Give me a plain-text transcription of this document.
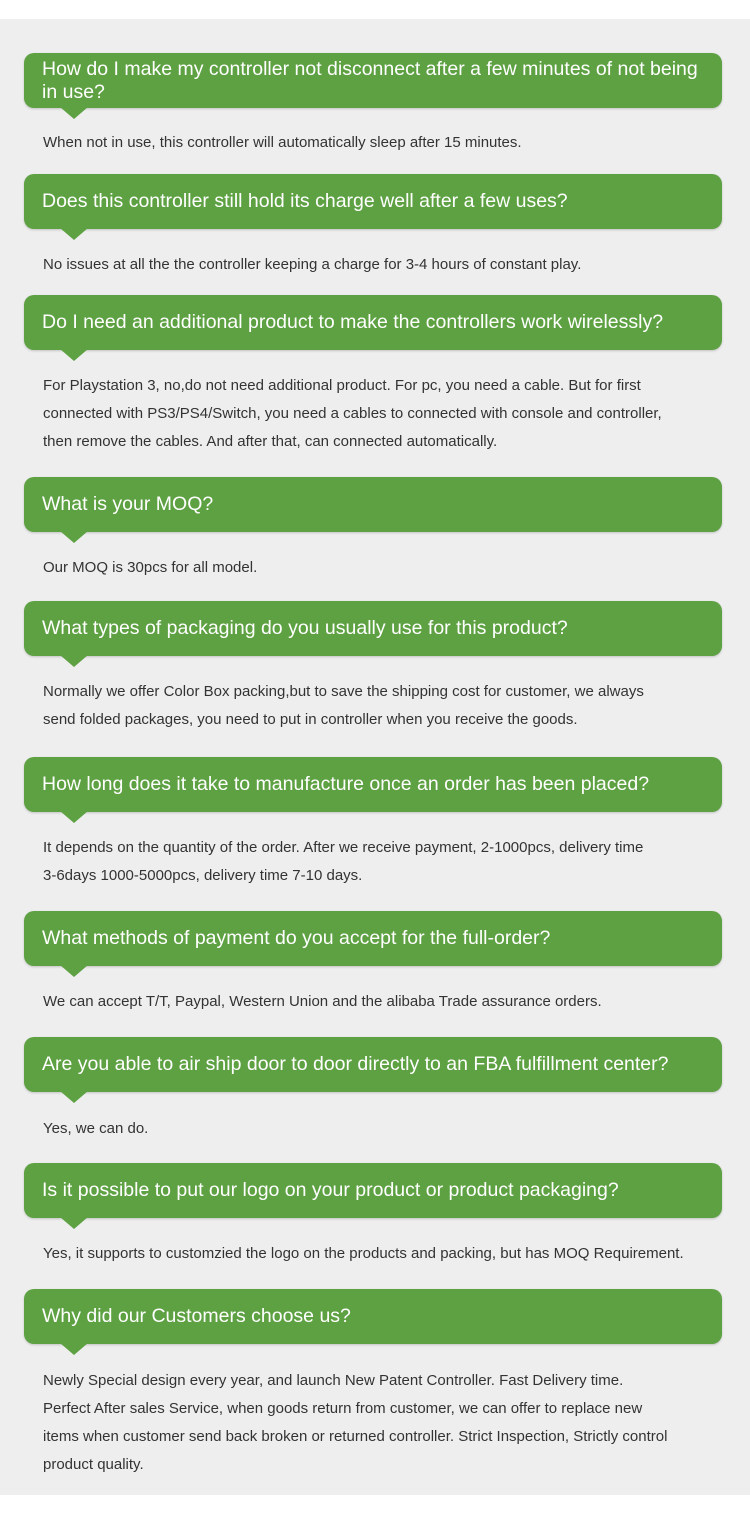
How do I make my controller not disconnect after a few minutes of not being in use?
When not in use, this controller will automatically sleep after 15 minutes.
Does this controller still hold its charge well after a few uses?
No issues at all the the controller keeping a charge for 3-4 hours of constant play.
Do I need an additional product to make the controllers work wirelessly?
For Playstation 3, no,do not need additional product. For pc, you need a cable. But for first
connected with PS3/PS4/Switch, you need a cables to connected with console and controller,
then remove the cables. And after that, can connected automatically.
What is your MOQ?
Our MOQ is 30pcs for all model.
What types of packaging do you usually use for this product?
Normally we offer Color Box packing,but to save the shipping cost for customer, we always
send folded packages, you need to put in controller when you receive the goods.
How long does it take to manufacture once an order has been placed?
It depends on the quantity of the order. After we receive payment, 2-1000pcs, delivery time
3-6days 1000-5000pcs, delivery time 7-10 days.
What methods of payment do you accept for the full-order?
We can accept T/T, Paypal, Western Union and the alibaba Trade assurance orders.
Are you able to air ship door to door directly to an FBA fulfillment center?
Yes, we can do.
Is it possible to put our logo on your product or product packaging?
Yes, it supports to customzied the logo on the products and packing, but has MOQ Requirement.
Why did our Customers choose us?
Newly Special design every year, and launch New Patent Controller. Fast Delivery time.
Perfect After sales Service, when goods return from customer, we can offer to replace new
items when customer send back broken or returned controller. Strict Inspection, Strictly control
product quality.
